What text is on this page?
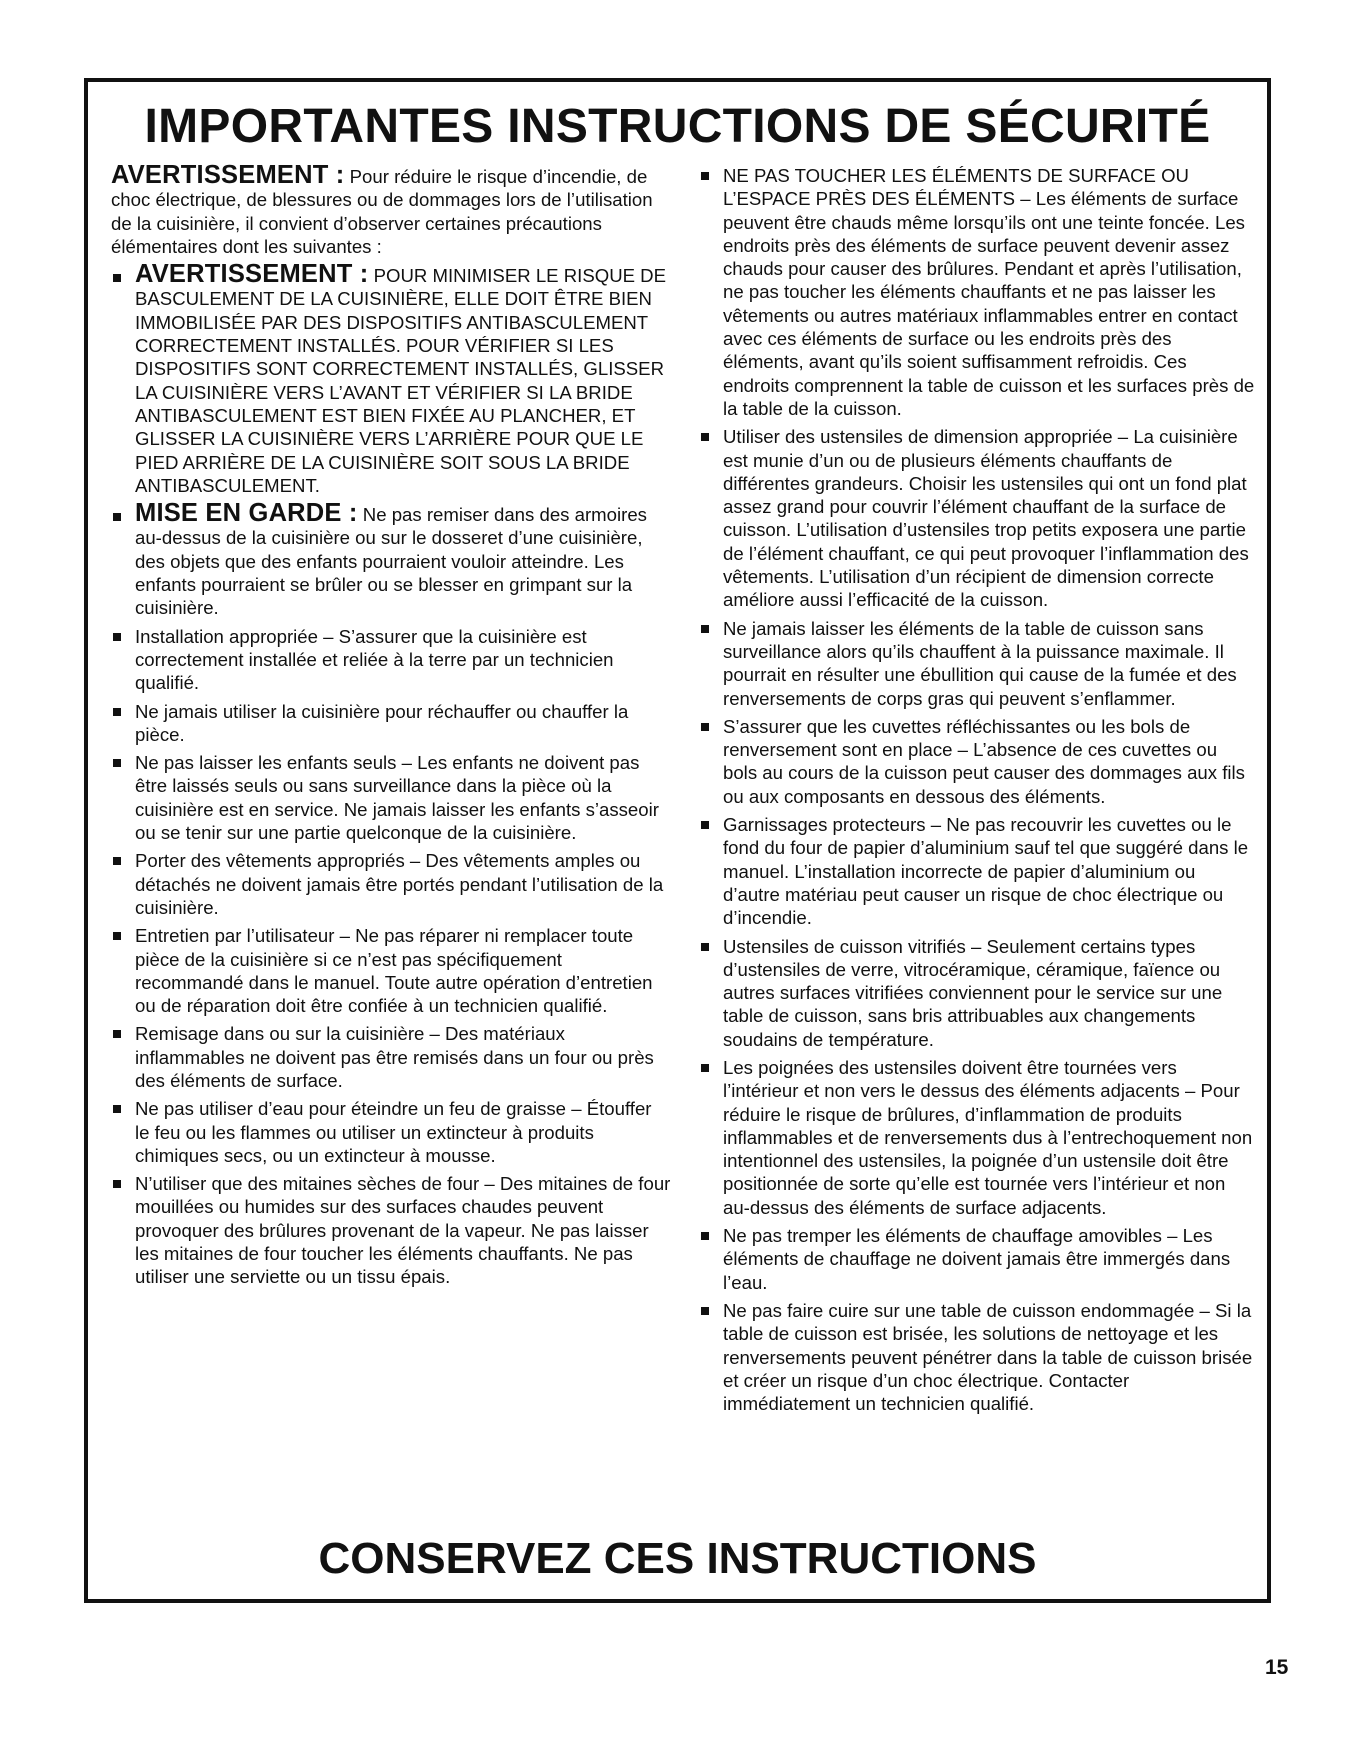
IMPORTANTES INSTRUCTIONS DE SÉCURITÉ

AVERTISSEMENT : Pour réduire le risque d’incendie, de choc électrique, de blessures ou de dommages lors de l’utilisation de la cuisinière, il convient d’observer certaines précautions élémentaires dont les suivantes :

AVERTISSEMENT : POUR MINIMISER LE RISQUE DE BASCULEMENT DE LA CUISINIÈRE, ELLE DOIT ÊTRE BIEN IMMOBILISÉE PAR DES DISPOSITIFS ANTIBASCULEMENT CORRECTEMENT INSTALLÉS. POUR VÉRIFIER SI LES DISPOSITIFS SONT CORRECTEMENT INSTALLÉS, GLISSER LA CUISINIÈRE VERS L’AVANT ET VÉRIFIER SI LA BRIDE ANTIBASCULEMENT EST BIEN FIXÉE AU PLANCHER, ET GLISSER LA CUISINIÈRE VERS L’ARRIÈRE POUR QUE LE PIED ARRIÈRE DE LA CUISINIÈRE SOIT SOUS LA BRIDE ANTIBASCULEMENT.
MISE EN GARDE : Ne pas remiser dans des armoires au-dessus de la cuisinière ou sur le dosseret d’une cuisinière, des objets que des enfants pourraient vouloir atteindre. Les enfants pourraient se brûler ou se blesser en grimpant sur la cuisinière.
Installation appropriée – S’assurer que la cuisinière est correctement installée et reliée à la terre par un technicien qualifié.
Ne jamais utiliser la cuisinière pour réchauffer ou chauffer la pièce.
Ne pas laisser les enfants seuls – Les enfants ne doivent pas être laissés seuls ou sans surveillance dans la pièce où la cuisinière est en service. Ne jamais laisser les enfants s’asseoir ou se tenir sur une partie quelconque de la cuisinière.
Porter des vêtements appropriés – Des vêtements amples ou détachés ne doivent jamais être portés pendant l’utilisation de la cuisinière.
Entretien par l’utilisateur – Ne pas réparer ni remplacer toute pièce de la cuisinière si ce n’est pas spécifiquement recommandé dans le manuel. Toute autre opération d’entretien ou de réparation doit être confiée à un technicien qualifié.
Remisage dans ou sur la cuisinière – Des matériaux inflammables ne doivent pas être remisés dans un four ou près des éléments de surface.
Ne pas utiliser d’eau pour éteindre un feu de graisse – Étouffer le feu ou les flammes ou utiliser un extincteur à produits chimiques secs, ou un extincteur à mousse.
N’utiliser que des mitaines sèches de four – Des mitaines de four mouillées ou humides sur des surfaces chaudes peuvent provoquer des brûlures provenant de la vapeur. Ne pas laisser les mitaines de four toucher les éléments chauffants. Ne pas utiliser une serviette ou un tissu épais.
NE PAS TOUCHER LES ÉLÉMENTS DE SURFACE OU L’ESPACE PRÈS DES ÉLÉMENTS – Les éléments de surface peuvent être chauds même lorsqu’ils ont une teinte foncée. Les endroits près des éléments de surface peuvent devenir assez chauds pour causer des brûlures. Pendant et après l’utilisation, ne pas toucher les éléments chauffants et ne pas laisser les vêtements ou autres matériaux inflammables entrer en contact avec ces éléments de surface ou les endroits près des éléments, avant qu’ils soient suffisamment refroidis. Ces endroits comprennent la table de cuisson et les surfaces près de la table de la cuisson.
Utiliser des ustensiles de dimension appropriée – La cuisinière est munie d’un ou de plusieurs éléments chauffants de différentes grandeurs. Choisir les ustensiles qui ont un fond plat assez grand pour couvrir l’élément chauffant de la surface de cuisson. L’utilisation d’ustensiles trop petits exposera une partie de l’élément chauffant, ce qui peut provoquer l’inflammation des vêtements. L’utilisation d’un récipient de dimension correcte améliore aussi l’efficacité de la cuisson.
Ne jamais laisser les éléments de la table de cuisson sans surveillance alors qu’ils chauffent à la puissance maximale. Il pourrait en résulter une ébullition qui cause de la fumée et des renversements de corps gras qui peuvent s’enflammer.
S’assurer que les cuvettes réfléchissantes ou les bols de renversement sont en place – L’absence de ces cuvettes ou bols au cours de la cuisson peut causer des dommages aux fils ou aux composants en dessous des éléments.
Garnissages protecteurs – Ne pas recouvrir les cuvettes ou le fond du four de papier d’aluminium sauf tel que suggéré dans le manuel. L’installation incorrecte de papier d’aluminium ou d’autre matériau peut causer un risque de choc électrique ou d’incendie.
Ustensiles de cuisson vitrifiés – Seulement certains types d’ustensiles de verre, vitrocéramique, céramique, faïence ou autres surfaces vitrifiées conviennent pour le service sur une table de cuisson, sans bris attribuables aux changements soudains de température.
Les poignées des ustensiles doivent être tournées vers l’intérieur et non vers le dessus des éléments adjacents – Pour réduire le risque de brûlures, d’inflammation de produits inflammables et de renversements dus à l’entrechoquement non intentionnel des ustensiles, la poignée d’un ustensile doit être positionnée de sorte qu’elle est tournée vers l’intérieur et non au-dessus des éléments de surface adjacents.
Ne pas tremper les éléments de chauffage amovibles – Les éléments de chauffage ne doivent jamais être immergés dans l’eau.
Ne pas faire cuire sur une table de cuisson endommagée – Si la table de cuisson est brisée, les solutions de nettoyage et les renversements peuvent pénétrer dans la table de cuisson brisée et créer un risque d’un choc électrique. Contacter immédiatement un technicien qualifié.
CONSERVEZ CES INSTRUCTIONS
15
